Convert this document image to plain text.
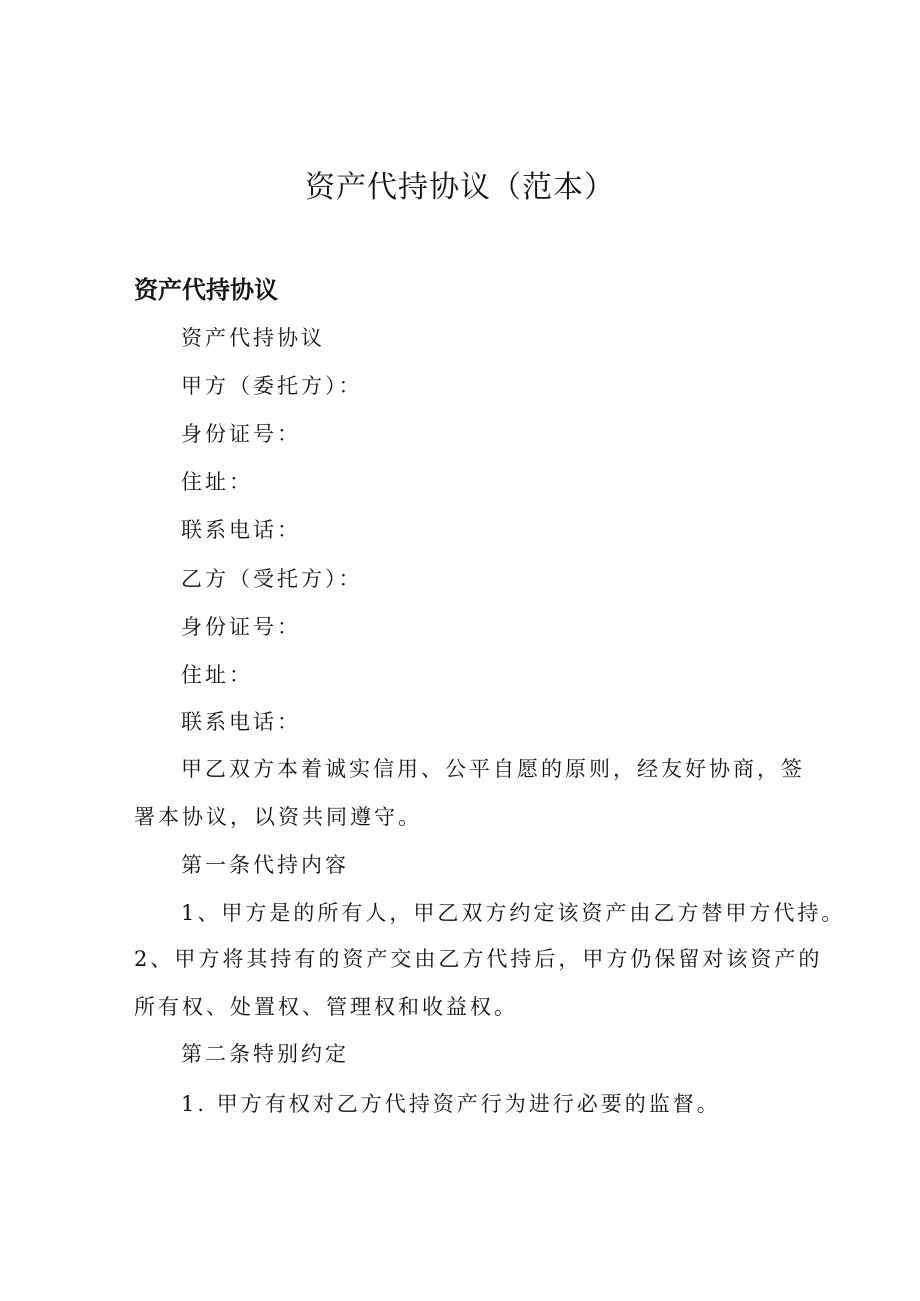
资产代持协议（范本）
资产代持协议
资产代持协议
甲方（委托方）：
身份证号：
住址：
联系电话：
乙方（受托方）：
身份证号：
住址：
联系电话：
甲乙双方本着诚实信用、公平自愿的原则，经友好协商，签
署本协议，以资共同遵守。
第一条代持内容
1、甲方是的所有人，甲乙双方约定该资产由乙方替甲方代持。
2、甲方将其持有的资产交由乙方代持后，甲方仍保留对该资产的
所有权、处置权、管理权和收益权。
第二条特别约定
1. 甲方有权对乙方代持资产行为进行必要的监督。
